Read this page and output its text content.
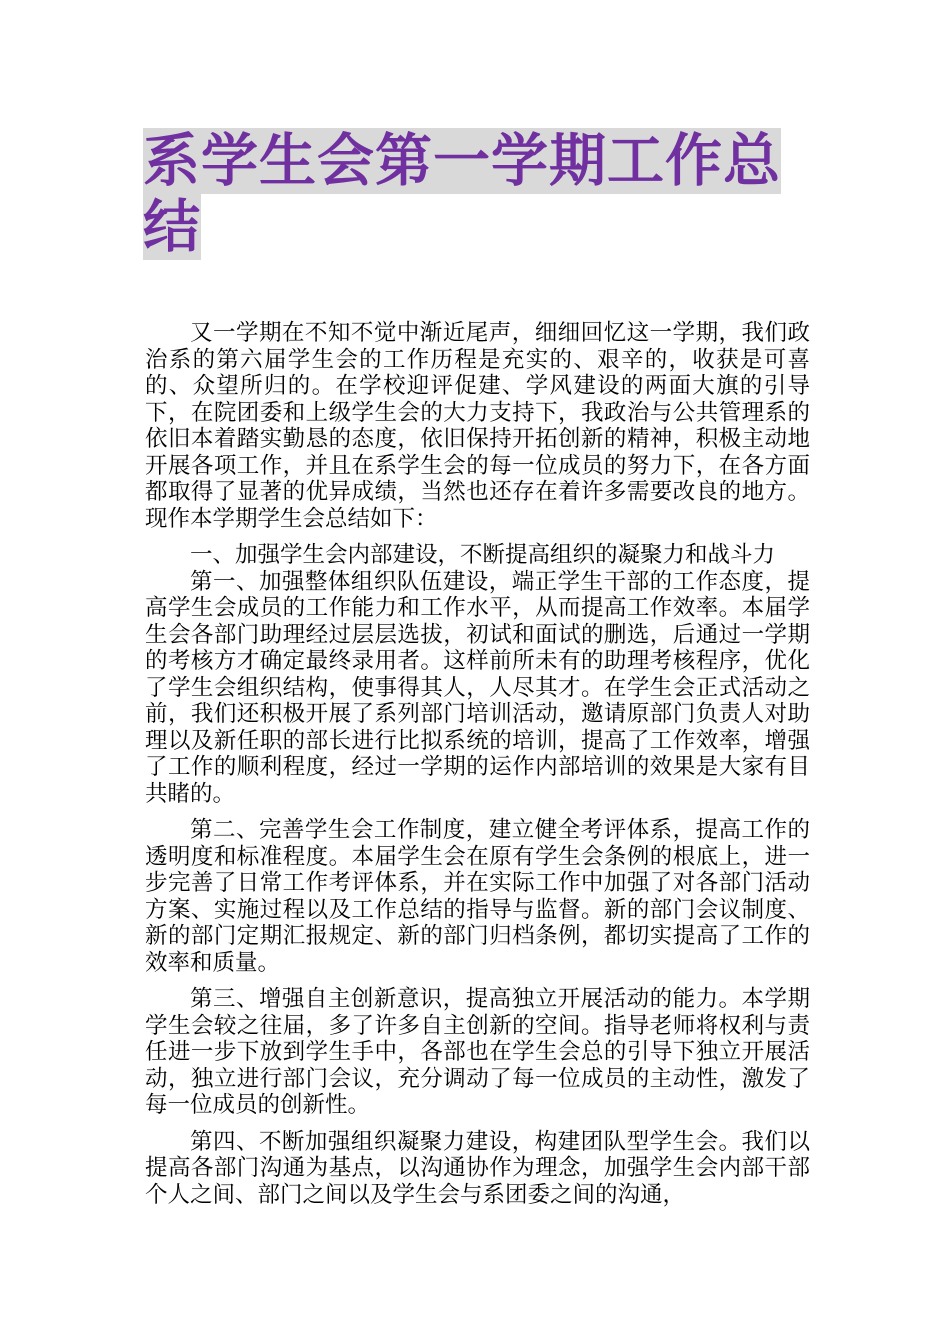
系学生会第一学期工作总结

又一学期在不知不觉中渐近尾声，细细回忆这一学期，我们政治系的第六届学生会的工作历程是充实的、艰辛的，收获是可喜的、众望所归的。在学校迎评促建、学风建设的两面大旗的引导下，在院团委和上级学生会的大力支持下，我政治与公共管理系的依旧本着踏实勤恳的态度，依旧保持开拓创新的精神，积极主动地开展各项工作，并且在系学生会的每一位成员的努力下，在各方面都取得了显著的优异成绩，当然也还存在着许多需要改良的地方。现作本学期学生会总结如下：

一、加强学生会内部建设，不断提高组织的凝聚力和战斗力

第一、加强整体组织队伍建设，端正学生干部的工作态度，提高学生会成员的工作能力和工作水平，从而提高工作效率。本届学生会各部门助理经过层层选拔，初试和面试的删选，后通过一学期的考核方才确定最终录用者。这样前所未有的助理考核程序，优化了学生会组织结构，使事得其人，人尽其才。在学生会正式活动之前，我们还积极开展了系列部门培训活动，邀请原部门负责人对助理以及新任职的部长进行比拟系统的培训，提高了工作效率，增强了工作的顺利程度，经过一学期的运作内部培训的效果是大家有目共睹的。

第二、完善学生会工作制度，建立健全考评体系，提高工作的透明度和标准程度。本届学生会在原有学生会条例的根底上，进一步完善了日常工作考评体系，并在实际工作中加强了对各部门活动方案、实施过程以及工作总结的指导与监督。新的部门会议制度、新的部门定期汇报规定、新的部门归档条例，都切实提高了工作的效率和质量。

第三、增强自主创新意识，提高独立开展活动的能力。本学期学生会较之往届，多了许多自主创新的空间。指导老师将权利与责任进一步下放到学生手中，各部也在学生会总的引导下独立开展活动，独立进行部门会议，充分调动了每一位成员的主动性，激发了每一位成员的创新性。

第四、不断加强组织凝聚力建设，构建团队型学生会。我们以提高各部门沟通为基点，以沟通协作为理念，加强学生会内部干部个人之间、部门之间以及学生会与系团委之间的沟通，
